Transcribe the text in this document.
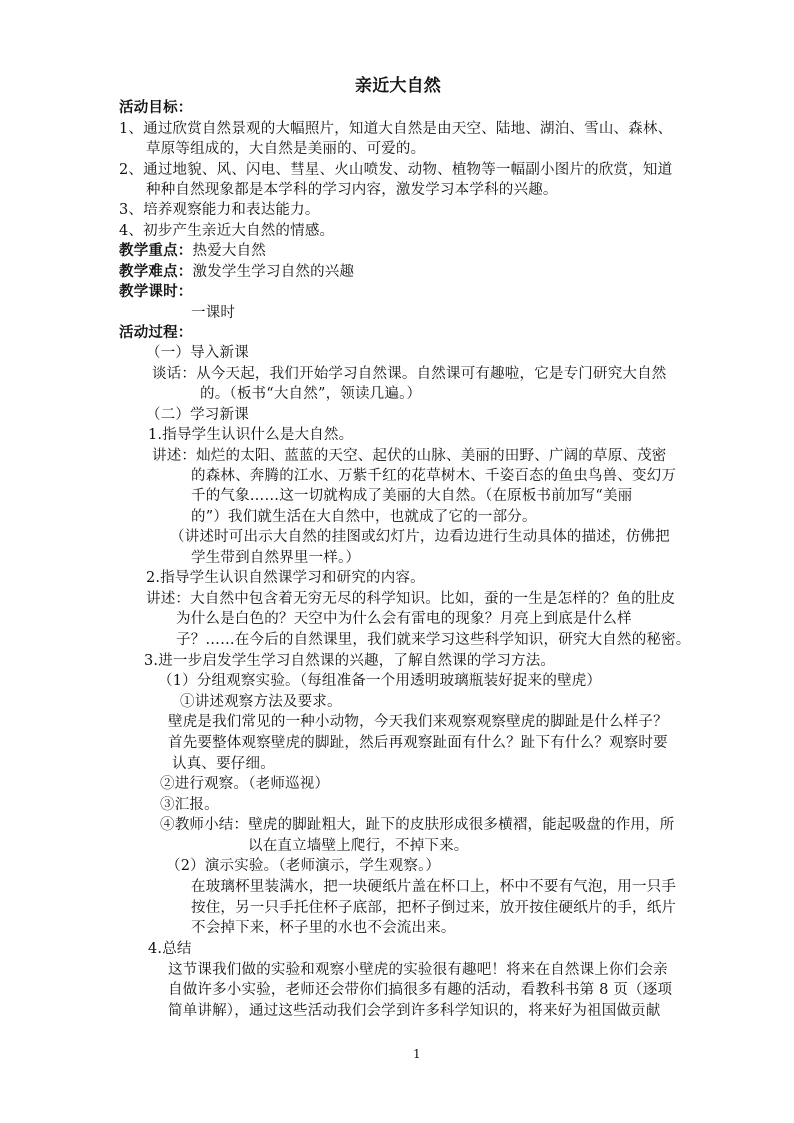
亲近大自然
活动目标：
1、通过欣赏自然景观的大幅照片，知道大自然是由天空、陆地、湖泊、雪山、森林、
草原等组成的，大自然是美丽的、可爱的。
2、通过地貌、风、闪电、彗星、火山喷发、动物、植物等一幅副小图片的欣赏，知道
种种自然现象都是本学科的学习内容，激发学习本学科的兴趣。
3、培养观察能力和表达能力。
4、初步产生亲近大自然的情感。
教学重点：热爱大自然
教学难点：激发学生学习自然的兴趣
教学课时：
一课时
活动过程：
（一）导入新课
谈话：从今天起，我们开始学习自然课。自然课可有趣啦，它是专门研究大自然
的。（板书“大自然”，领读几遍。）
（二）学习新课
1.指导学生认识什么是大自然。
讲述：灿烂的太阳、蓝蓝的天空、起伏的山脉、美丽的田野、广阔的草原、茂密
的森林、奔腾的江水、万紫千红的花草树木、千姿百态的鱼虫鸟兽、变幻万
千的气象……这一切就构成了美丽的大自然。（在原板书前加写“美丽
的”）我们就生活在大自然中，也就成了它的一部分。
（讲述时可出示大自然的挂图或幻灯片，边看边进行生动具体的描述，仿佛把
学生带到自然界里一样。）
2.指导学生认识自然课学习和研究的内容。
讲述：大自然中包含着无穷无尽的科学知识。比如，蚕的一生是怎样的？鱼的肚皮
为什么是白色的？天空中为什么会有雷电的现象？月亮上到底是什么样
子？……在今后的自然课里，我们就来学习这些科学知识，研究大自然的秘密。
3.进一步启发学生学习自然课的兴趣，了解自然课的学习方法。
（1）分组观察实验。（每组准备一个用透明玻璃瓶装好捉来的壁虎）
①讲述观察方法及要求。
壁虎是我们常见的一种小动物，今天我们来观察观察壁虎的脚趾是什么样子？
首先要整体观察壁虎的脚趾，然后再观察趾面有什么？趾下有什么？观察时要
认真、要仔细。
②进行观察。（老师巡视）
③汇报。
④教师小结：壁虎的脚趾粗大，趾下的皮肤形成很多横褶，能起吸盘的作用，所
以在直立墙壁上爬行，不掉下来。
（2）演示实验。（老师演示，学生观察。）
在玻璃杯里装满水，把一块硬纸片盖在杯口上，杯中不要有气泡，用一只手
按住，另一只手托住杯子底部，把杯子倒过来，放开按住硬纸片的手，纸片
不会掉下来，杯子里的水也不会流出来。
4.总结
这节课我们做的实验和观察小壁虎的实验很有趣吧！将来在自然课上你们会亲
自做许多小实验，老师还会带你们搞很多有趣的活动，看教科书第 8 页（逐项
简单讲解），通过这些活动我们会学到许多科学知识的，将来好为祖国做贡献
1
